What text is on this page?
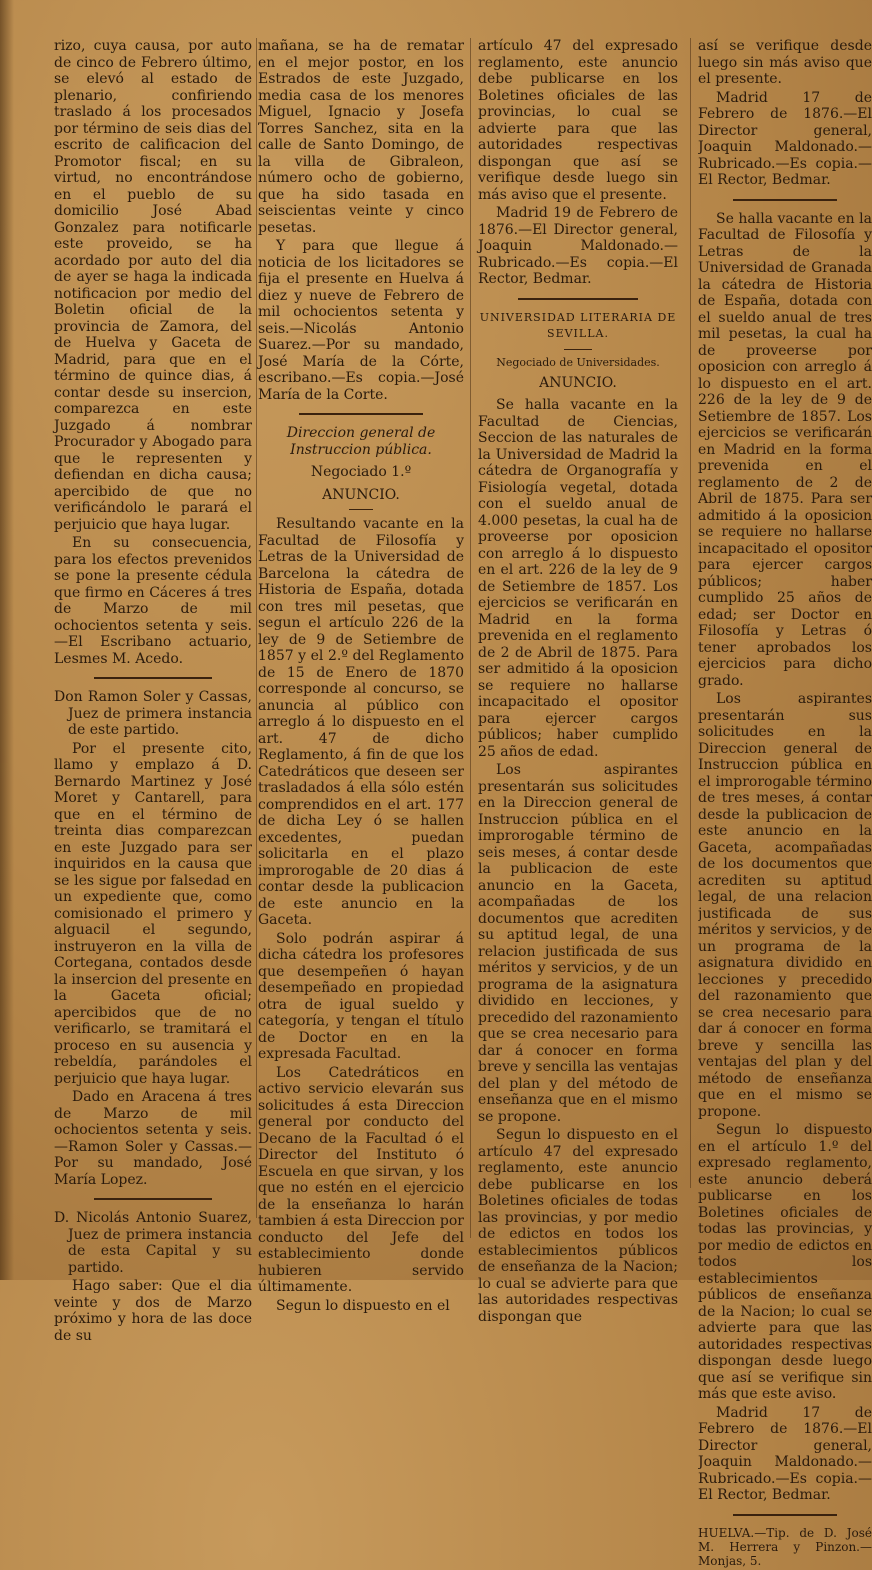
rizo, cuya causa, por auto de cinco de Febrero último, se elevó al estado de plenario, confiriendo traslado á los procesados por término de seis dias del escrito de calificacion del Promotor fiscal; en su virtud, no encontrándose en el pueblo de su domicilio José Abad Gonzalez para notificarle este proveido, se ha acordado por auto del dia de ayer se haga la indicada notificacion por medio del Boletin oficial de la provincia de Zamora, del de Huelva y Gaceta de Madrid, para que en el término de quince dias, á contar desde su insercion, comparezca en este Juzgado á nombrar Procurador y Abogado para que le representen y defiendan en dicha causa; apercibido de que no verificándolo le parará el perjuicio que haya lugar.

En su consecuencia, para los efectos prevenidos se pone la presente cédula que firmo en Cáceres á tres de Marzo de mil ochocientos setenta y seis. —El Escribano actuario, Lesmes M. Acedo.

Don Ramon Soler y Cassas, Juez de primera instancia de este partido.

Por el presente cito, llamo y emplazo á D. Bernardo Martinez y José Moret y Cantarell, para que en el término de treinta dias comparezcan en este Juzgado para ser inquiridos en la causa que se les sigue por falsedad en un expediente que, como comisionado el primero y alguacil el segundo, instruyeron en la villa de Cortegana, contados desde la insercion del presente en la Gaceta oficial; apercibidos que de no verificarlo, se tramitará el proceso en su ausencia y rebeldía, parándoles el perjuicio que haya lugar.

Dado en Aracena á tres de Marzo de mil ochocientos setenta y seis.—Ramon Soler y Cassas.—Por su mandado, José María Lopez.

D. Nicolás Antonio Suarez, Juez de primera instancia de esta Capital y su partido.

Hago saber: Que el dia veinte y dos de Marzo próximo y hora de las doce de su

mañana, se ha de rematar en el mejor postor, en los Estrados de este Juzgado, media casa de los menores Miguel, Ignacio y Josefa Torres Sanchez, sita en la calle de Santo Domingo, de la villa de Gibraleon, número ocho de gobierno, que ha sido tasada en seiscientas veinte y cinco pesetas.

Y para que llegue á noticia de los licitadores se fija el presente en Huelva á diez y nueve de Febrero de mil ochocientos setenta y seis.—Nicolás Antonio Suarez.—Por su mandado, José María de la Córte, escribano.—Es copia.—José María de la Corte.

Direccion general de Instruccion pública.
Negociado 1.º
ANUNCIO.

Resultando vacante en la Facultad de Filosofía y Letras de la Universidad de Barcelona la cátedra de Historia de España, dotada con tres mil pesetas, que segun el artículo 226 de la ley de 9 de Setiembre de 1857 y el 2.º del Reglamento de 15 de Enero de 1870 corresponde al concurso, se anuncia al público con arreglo á lo dispuesto en el art. 47 de dicho Reglamento, á fin de que los Catedráticos que deseen ser trasladados á ella sólo estén comprendidos en el art. 177 de dicha Ley ó se hallen excedentes, puedan solicitarla en el plazo improrogable de 20 dias á contar desde la publicacion de este anuncio en la Gaceta.

Solo podrán aspirar á dicha cátedra los profesores que desempeñen ó hayan desempeñado en propiedad otra de igual sueldo y categoría, y tengan el título de Doctor en en la expresada Facultad.

Los Catedráticos en activo servicio elevarán sus solicitudes á esta Direccion general por conducto del Decano de la Facultad ó el Director del Instituto ó Escuela en que sirvan, y los que no estén en el ejercicio de la enseñanza lo harán tambien á esta Direccion por conducto del Jefe del establecimiento donde hubieren servido últimamente.

Segun lo dispuesto en el

artículo 47 del expresado reglamento, este anuncio debe publicarse en los Boletines oficiales de las provincias, lo cual se advierte para que las autoridades respectivas dispongan que así se verifique desde luego sin más aviso que el presente.

Madrid 19 de Febrero de 1876.—El Director general, Joaquin Maldonado.—Rubricado.—Es copia.—El Rector, Bedmar.

UNIVERSIDAD LITERARIA DE SEVILLA.
Negociado de Universidades.
ANUNCIO.

Se halla vacante en la Facultad de Ciencias, Seccion de las naturales de la Universidad de Madrid la cátedra de Organografía y Fisiología vegetal, dotada con el sueldo anual de 4.000 pesetas, la cual ha de proveerse por oposicion con arreglo á lo dispuesto en el art. 226 de la ley de 9 de Setiembre de 1857. Los ejercicios se verificarán en Madrid en la forma prevenida en el reglamento de 2 de Abril de 1875. Para ser admitido á la oposicion se requiere no hallarse incapacitado el opositor para ejercer cargos públicos; haber cumplido 25 años de edad.

Los aspirantes presentarán sus solicitudes en la Direccion general de Instruccion pública en el improrogable término de seis meses, á contar desde la publicacion de este anuncio en la Gaceta, acompañadas de los documentos que acrediten su aptitud legal, de una relacion justificada de sus méritos y servicios, y de un programa de la asignatura dividido en lecciones, y precedido del razonamiento que se crea necesario para dar á conocer en forma breve y sencilla las ventajas del plan y del método de enseñanza que en el mismo se propone.

Segun lo dispuesto en el artículo 47 del expresado reglamento, este anuncio debe publicarse en los Boletines oficiales de todas las provincias, y por medio de edictos en todos los establecimientos públicos de enseñanza de la Nacion; lo cual se advierte para que las autoridades respectivas dispongan que

así se verifique desde luego sin más aviso que el presente.

Madrid 17 de Febrero de 1876.—El Director general, Joaquin Maldonado.—Rubricado.—Es copia.—El Rector, Bedmar.

Se halla vacante en la Facultad de Filosofía y Letras de la Universidad de Granada la cátedra de Historia de España, dotada con el sueldo anual de tres mil pesetas, la cual ha de proveerse por oposicion con arreglo á lo dispuesto en el art. 226 de la ley de 9 de Setiembre de 1857. Los ejercicios se verificarán en Madrid en la forma prevenida en el reglamento de 2 de Abril de 1875. Para ser admitido á la oposicion se requiere no hallarse incapacitado el opositor para ejercer cargos públicos; haber cumplido 25 años de edad; ser Doctor en Filosofía y Letras ó tener aprobados los ejercicios para dicho grado.

Los aspirantes presentarán sus solicitudes en la Direccion general de Instruccion pública en el improrogable término de tres meses, á contar desde la publicacion de este anuncio en la Gaceta, acompañadas de los documentos que acrediten su aptitud legal, de una relacion justificada de sus méritos y servicios, y de un programa de la asignatura dividido en lecciones y precedido del razonamiento que se crea necesario para dar á conocer en forma breve y sencilla las ventajas del plan y del método de enseñanza que en el mismo se propone.

Segun lo dispuesto en el artículo 1.º del expresado reglamento, este anuncio deberá publicarse en los Boletines oficiales de todas las provincias, y por medio de edictos en todos los establecimientos públicos de enseñanza de la Nacion; lo cual se advierte para que las autoridades respectivas dispongan desde luego que así se verifique sin más que este aviso.

Madrid 17 de Febrero de 1876.—El Director general, Joaquin Maldonado.—Rubricado.—Es copia.—El Rector, Bedmar.

HUELVA.—Tip. de D. José M. Herrera y Pinzon.—Monjas, 5.
